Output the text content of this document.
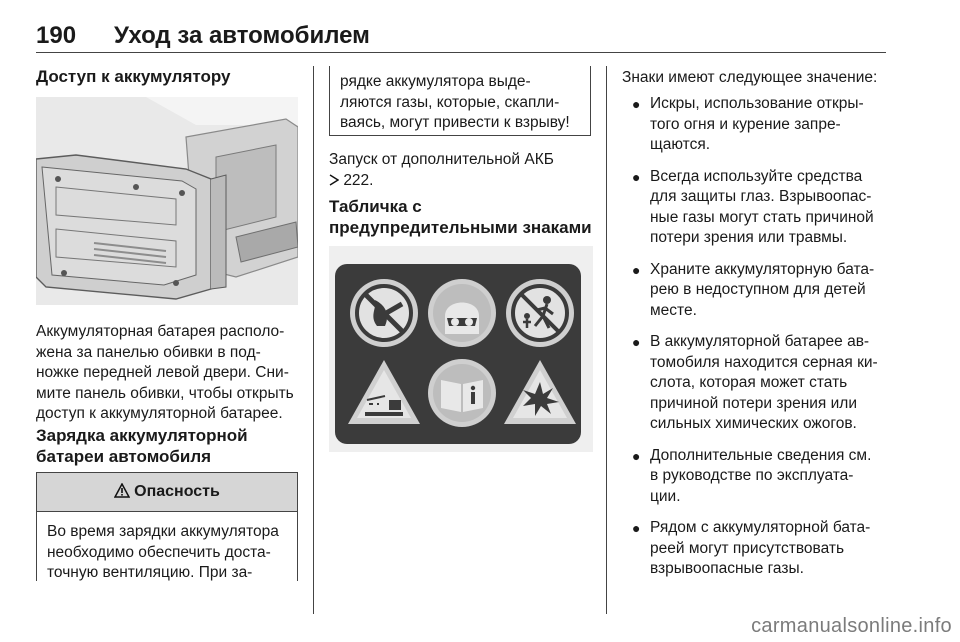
190 Уход за автомобилем
Доступ к аккумулятору
Аккумуляторная батарея располо-
жена за панелью обивки в под-
ножке передней левой двери. Сни-
мите панель обивки, чтобы открыть
доступ к аккумуляторной батарее.
Зарядка аккумуляторной
батареи автомобиля
Опасность
Во время зарядки аккумулятора
необходимо обеспечить доста-
точную вентиляцию. При за-
рядке аккумулятора выде-
ляются газы, которые, скапли-
ваясь, могут привести к взрыву!
Запуск от дополнительной АКБ
222.
Табличка с
предупредительными знаками
Знаки имеют следующее значение:
● Искры, использование откры-
того огня и курение запре-
щаются.
● Всегда используйте средства
для защиты глаз. Взрывоопас-
ные газы могут стать причиной
потери зрения или травмы.
● Храните аккумуляторную бата-
рею в недоступном для детей
месте.
● В аккумуляторной батарее ав-
томобиля находится серная ки-
слота, которая может стать
причиной потери зрения или
сильных химических ожогов.
● Дополнительные сведения см.
в руководстве по эксплуата-
ции.
● Рядом с аккумуляторной бата-
реей могут присутствовать
взрывоопасные газы.
carmanualsonline.info
